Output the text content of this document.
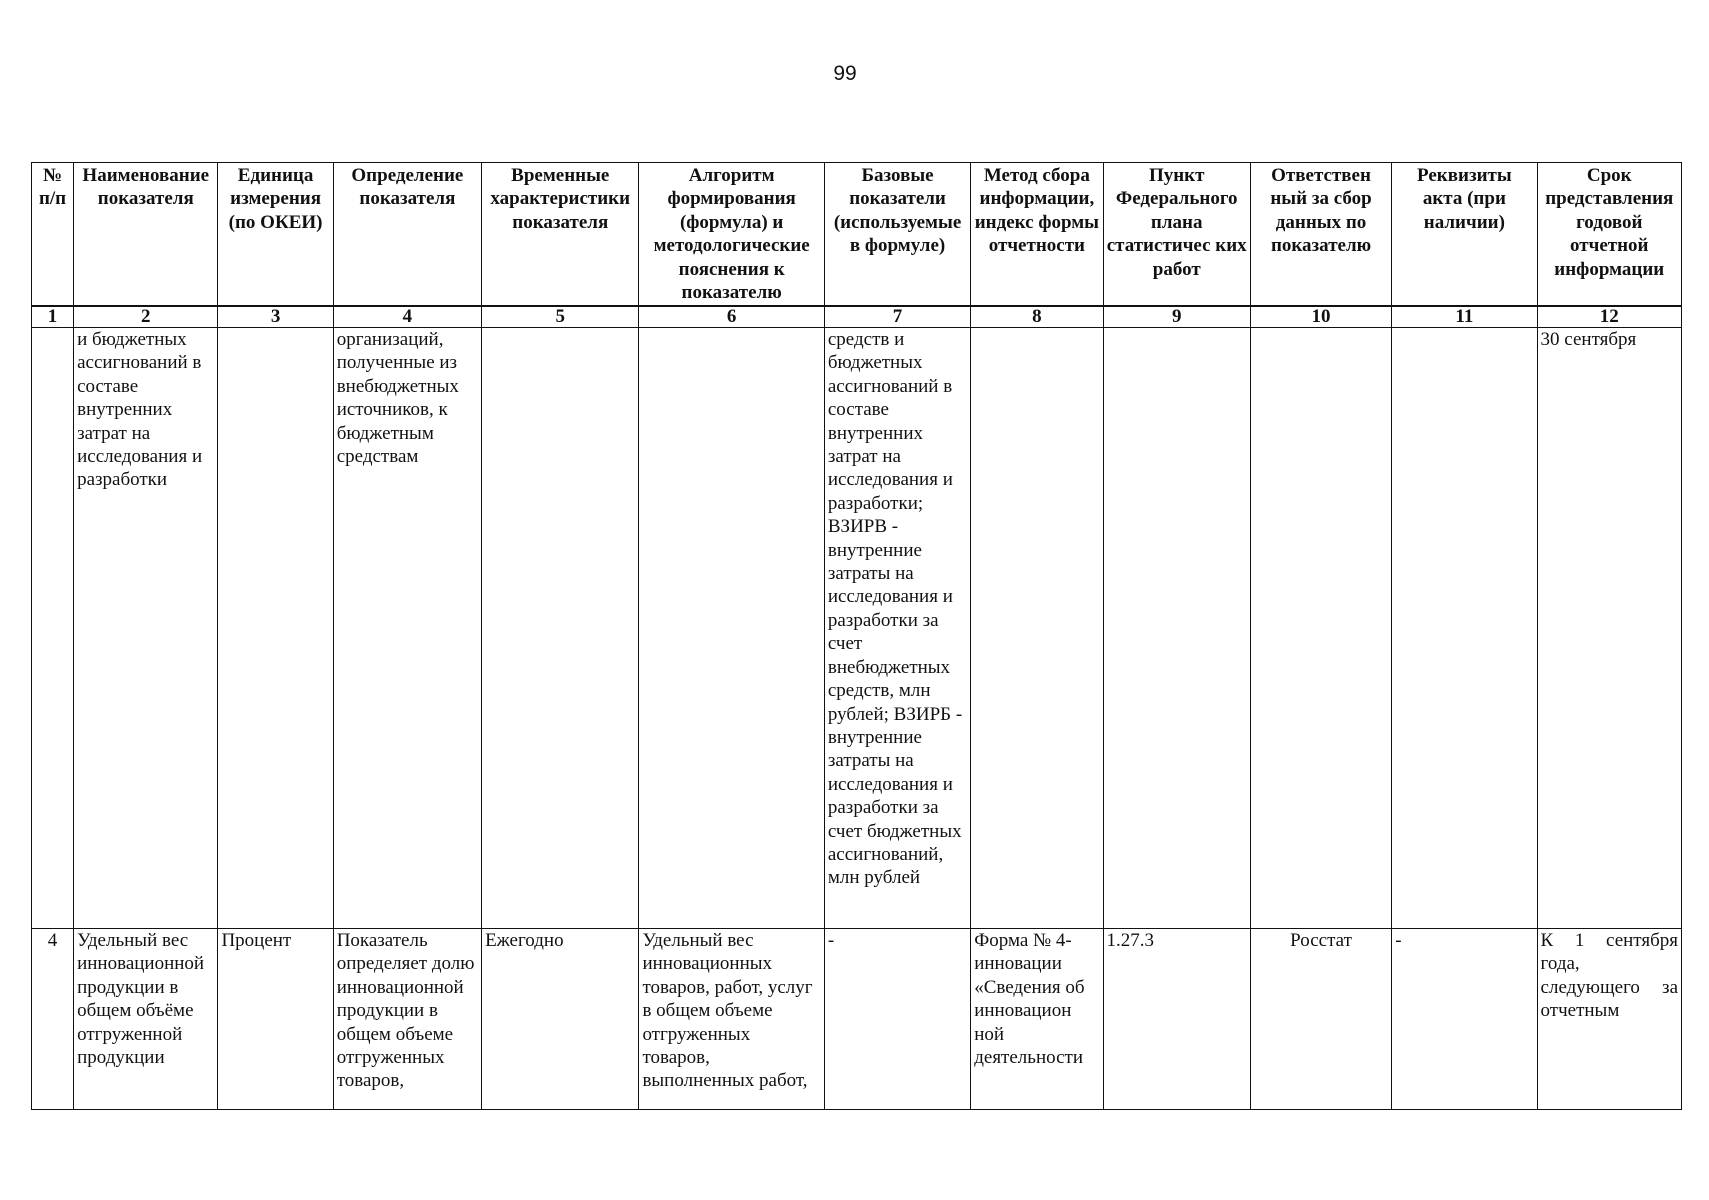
99
№ п/п	Наименование показателя	Единица измерения (по ОКЕИ)	Определение показателя	Временные характеристики показателя	Алгоритм формирования (формула) и методологические пояснения к показателю	Базовые показатели (используемые в формуле)	Метод сбора информации, индекс формы отчетности	Пункт Федерального плана статистичес ких работ	Ответствен ный за сбор данных по показателю	Реквизиты акта (при наличии)	Срок представления годовой отчетной информации
1	2	3	4	5	6	7	8	9	10	11	12
	и бюджетных ассигнований в составе внутренних затрат на исследования и разработки		организаций, полученные из внебюджетных источников, к бюджетным средствам			средств и бюджетных ассигнований в составе внутренних затрат на исследования и разработки; ВЗИРВ - внутренние затраты на исследования и разработки за счет внебюджетных средств, млн рублей; ВЗИРБ - внутренние затраты на исследования и разработки за счет бюджетных ассигнований, млн рублей					30 сентября
4	Удельный вес инновационной продукции в общем объёме отгруженной продукции	Процент	Показатель определяет долю инновационной продукции в общем объеме отгруженных товаров,	Ежегодно	Удельный вес инновационных товаров, работ, услуг в общем объеме отгруженных товаров, выполненных работ,	-	Форма № 4-инновации «Сведения об инновацион ной деятельности	1.27.3	Росстат	-	К 1 сентября года, следующего за отчетным
